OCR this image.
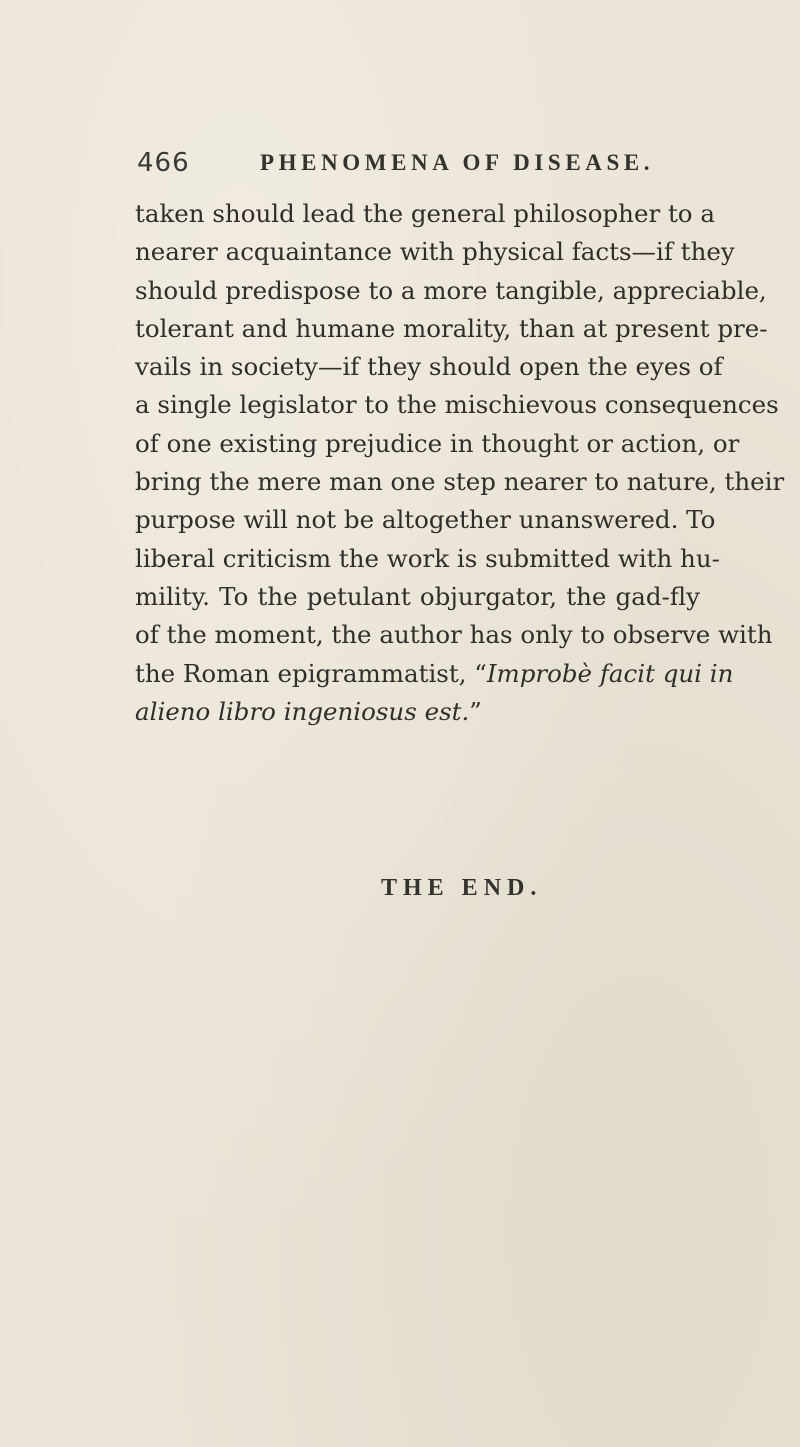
466	PHENOMENA OF DISEASE.
taken should lead the general philosopher to a
nearer acquaintance with physical facts—if they
should predispose to a more tangible, appreciable,
tolerant and humane morality, than at present pre-
vails in society—if they should open the eyes of
a single legislator to the mischievous consequences
of one existing prejudice in thought or action, or
bring the mere man one step nearer to nature, their
purpose will not be altogether unanswered. To
liberal criticism the work is submitted with hu-
mility. To the petulant objurgator, the gad-fly
of the moment, the author has only to observe with
the Roman epigrammatist, “Improbè facit qui in
alieno libro ingeniosus est.”
THE END.
